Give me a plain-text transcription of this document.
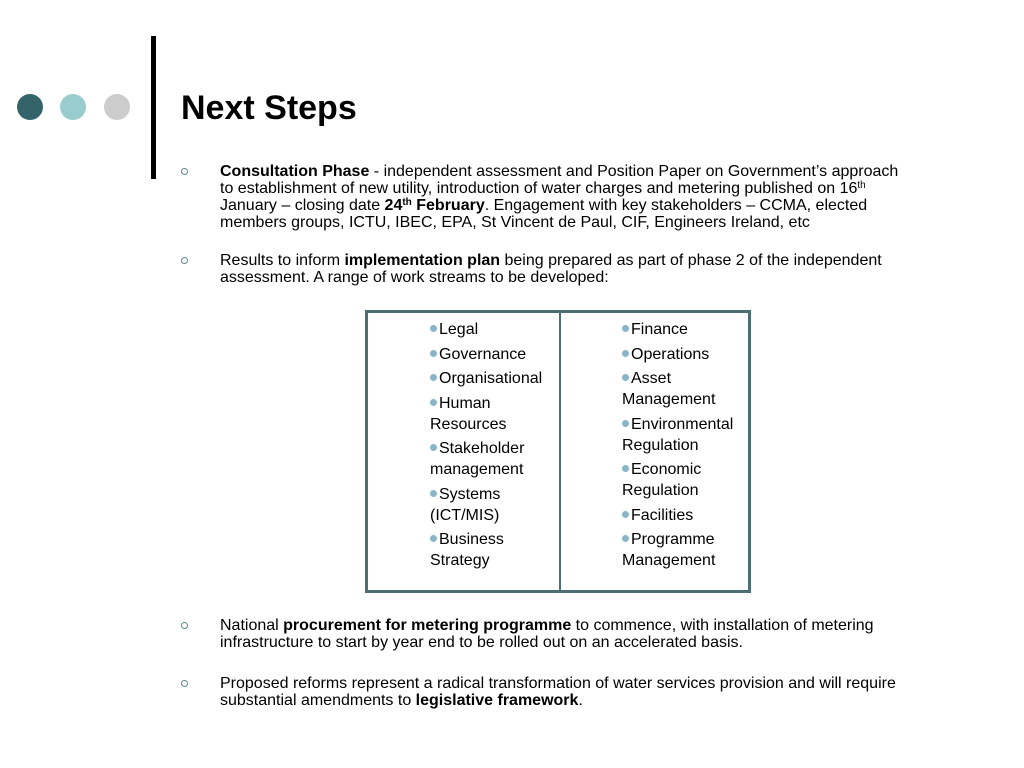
Next Steps
Consultation Phase - independent assessment and Position Paper on Government’s approach to establishment of new utility, introduction of water charges and metering published on 16th January – closing date 24th February. Engagement with key stakeholders – CCMA, elected members groups, ICTU, IBEC, EPA, St Vincent de Paul, CIF, Engineers Ireland, etc
Results to inform implementation plan being prepared as part of phase 2 of the independent assessment. A range of work streams to be developed:
Legal
Governance
Organisational
Human Resources
Stakeholder management
Systems (ICT/MIS)
Business Strategy
Finance
Operations
Asset Management
Environmental Regulation
Economic Regulation
Facilities
Programme Management
National procurement for metering programme to commence, with installation of metering infrastructure to start by year end to be rolled out on an accelerated basis.
Proposed reforms represent a radical transformation of water services provision and will require substantial amendments to legislative framework.
